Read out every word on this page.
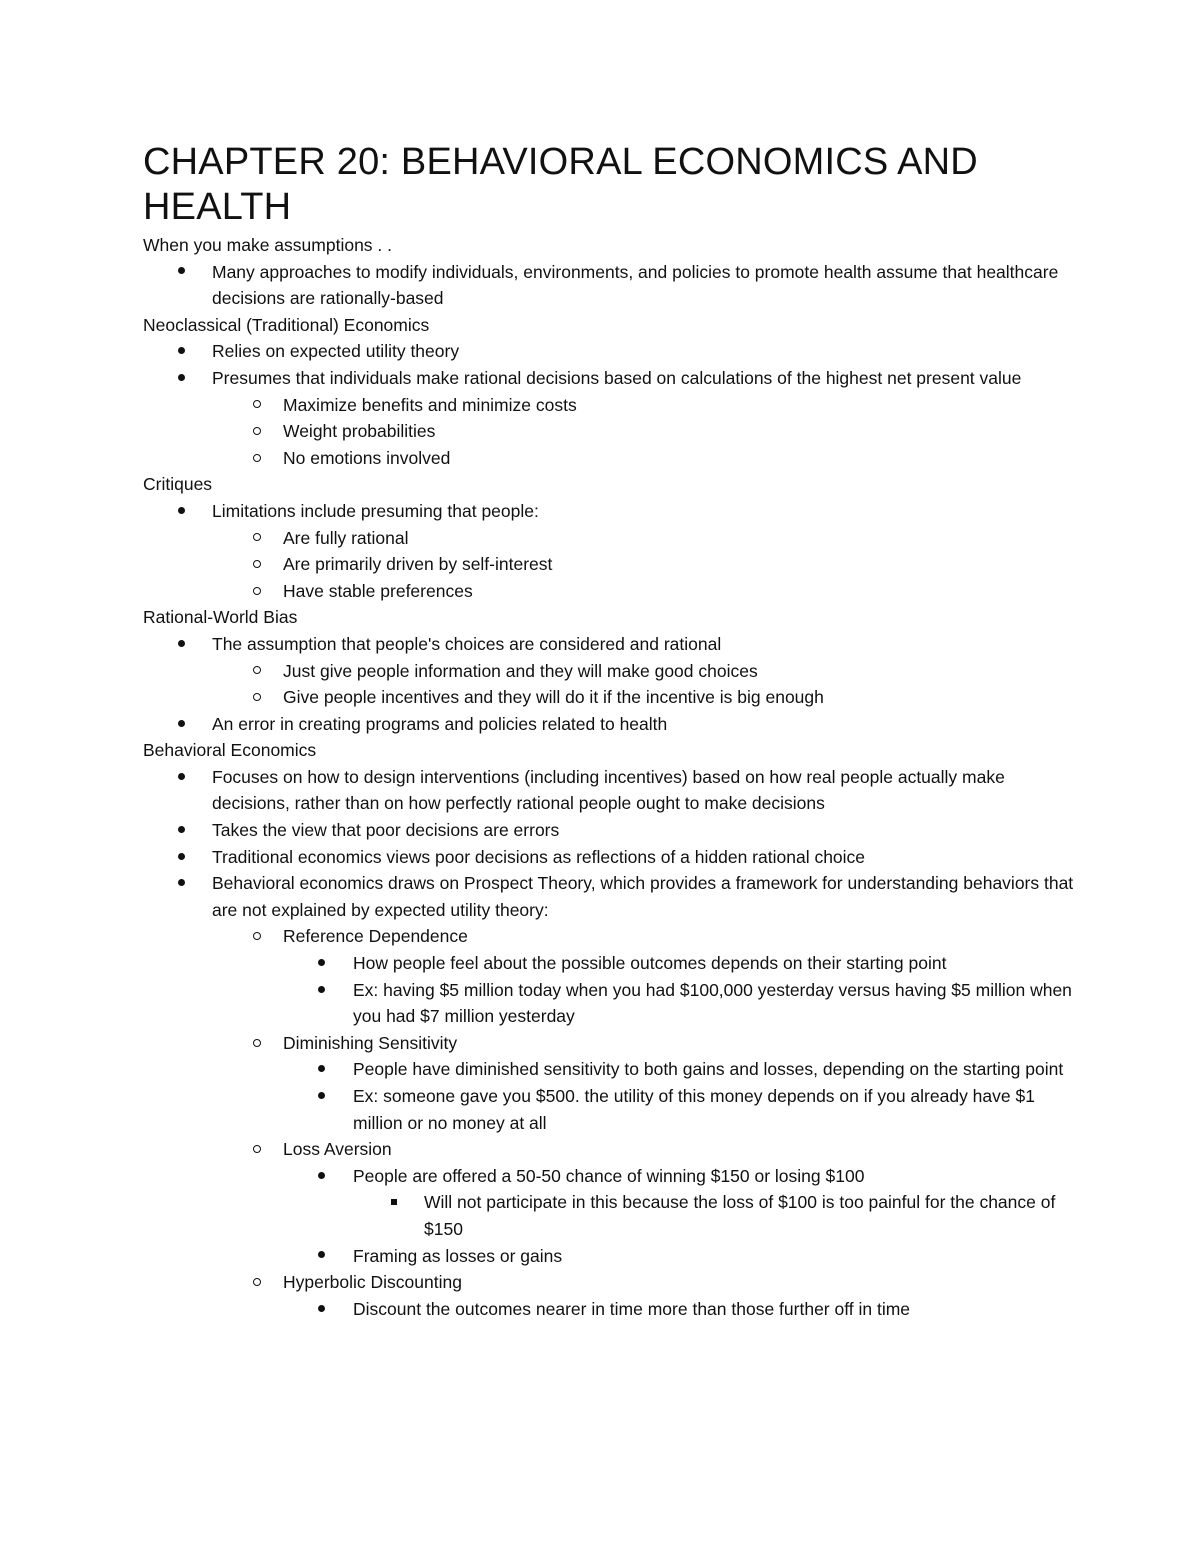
CHAPTER 20: BEHAVIORAL ECONOMICS AND HEALTH
When you make assumptions . .
Many approaches to modify individuals, environments, and policies to promote health assume that healthcare decisions are rationally-based
Neoclassical (Traditional) Economics
Relies on expected utility theory
Presumes that individuals make rational decisions based on calculations of the highest net present value
Maximize benefits and minimize costs
Weight probabilities
No emotions involved
Critiques
Limitations include presuming that people:
Are fully rational
Are primarily driven by self-interest
Have stable preferences
Rational-World Bias
The assumption that people's choices are considered and rational
Just give people information and they will make good choices
Give people incentives and they will do it if the incentive is big enough
An error in creating programs and policies related to health
Behavioral Economics
Focuses on how to design interventions (including incentives) based on how real people actually make decisions, rather than on how perfectly rational people ought to make decisions
Takes the view that poor decisions are errors
Traditional economics views poor decisions as reflections of a hidden rational choice
Behavioral economics draws on Prospect Theory, which provides a framework for understanding behaviors that are not explained by expected utility theory:
Reference Dependence
How people feel about the possible outcomes depends on their starting point
Ex: having $5 million today when you had $100,000 yesterday versus having $5 million when you had $7 million yesterday
Diminishing Sensitivity
People have diminished sensitivity to both gains and losses, depending on the starting point
Ex: someone gave you $500. the utility of this money depends on if you already have $1 million or no money at all
Loss Aversion
People are offered a 50-50 chance of winning $150 or losing $100
Will not participate in this because the loss of $100 is too painful for the chance of $150
Framing as losses or gains
Hyperbolic Discounting
Discount the outcomes nearer in time more than those further off in time
